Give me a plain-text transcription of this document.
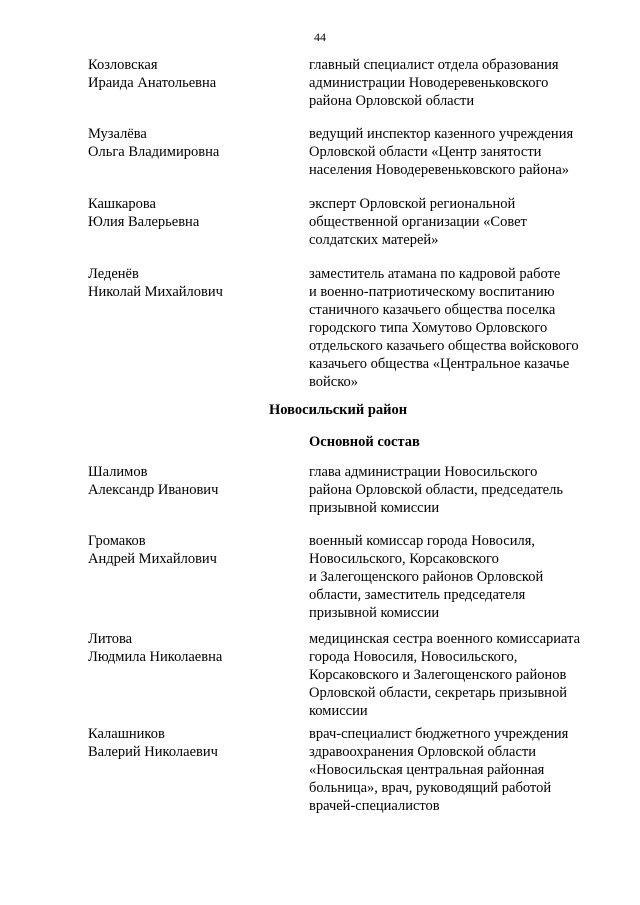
44
Козловская
Ираида Анатольевна
главный специалист отдела образования
администрации Новодеревеньковского
района Орловской области
Музалёва
Ольга Владимировна
ведущий инспектор казенного учреждения
Орловской области «Центр занятости
населения Новодеревеньковского района»
Кашкарова
Юлия Валерьевна
эксперт Орловской региональной
общественной организации «Совет
солдатских матерей»
Леденёв
Николай Михайлович
заместитель атамана по кадровой работе
и военно-патриотическому воспитанию
станичного казачьего общества поселка
городского типа Хомутово Орловского
отдельского казачьего общества войскового
казачьего общества «Центральное казачье
войско»
Новосильский район
Основной состав
Шалимов
Александр Иванович
глава администрации Новосильского
района Орловской области, председатель
призывной комиссии
Громаков
Андрей Михайлович
военный комиссар города Новосиля,
Новосильского, Корсаковского
и Залегощенского районов Орловской
области, заместитель председателя
призывной комиссии
Литова
Людмила Николаевна
медицинская сестра военного комиссариата
города Новосиля, Новосильского,
Корсаковского и Залегощенского районов
Орловской области, секретарь призывной
комиссии
Калашников
Валерий Николаевич
врач-специалист бюджетного учреждения
здравоохранения Орловской области
«Новосильская центральная районная
больница», врач, руководящий работой
врачей-специалистов
